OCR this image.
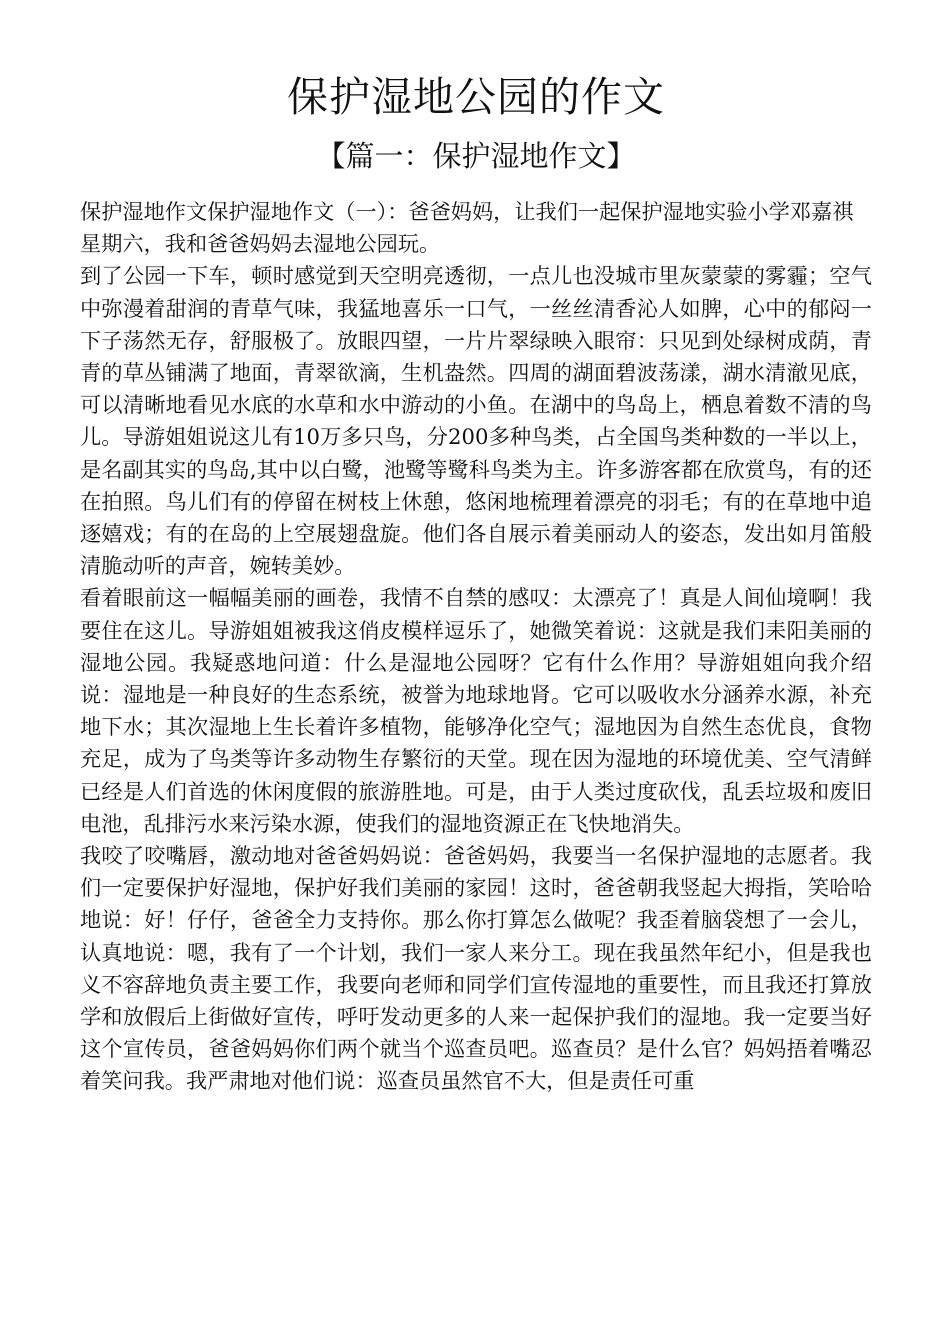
保护湿地公园的作文
【篇一：保护湿地作文】

保护湿地作文保护湿地作文（一）：爸爸妈妈，让我们一起保护湿地实验小学邓嘉祺

星期六，我和爸爸妈妈去湿地公园玩。

到了公园一下车，顿时感觉到天空明亮透彻，一点儿也没城市里灰蒙蒙的雾霾；空气中弥漫着甜润的青草气味，我猛地喜乐一口气，一丝丝清香沁人如脾，心中的郁闷一下子荡然无存，舒服极了。放眼四望，一片片翠绿映入眼帘：只见到处绿树成荫，青青的草丛铺满了地面，青翠欲滴，生机盎然。四周的湖面碧波荡漾，湖水清澈见底，可以清晰地看见水底的水草和水中游动的小鱼。在湖中的鸟岛上，栖息着数不清的鸟儿。导游姐姐说这儿有10万多只鸟，分200多种鸟类，占全国鸟类种数的一半以上，是名副其实的鸟岛,其中以白鹭，池鹭等鹭科鸟类为主。许多游客都在欣赏鸟，有的还在拍照。鸟儿们有的停留在树枝上休憩，悠闲地梳理着漂亮的羽毛；有的在草地中追逐嬉戏；有的在岛的上空展翅盘旋。他们各自展示着美丽动人的姿态，发出如月笛般清脆动听的声音，婉转美妙。

看着眼前这一幅幅美丽的画卷，我情不自禁的感叹：太漂亮了！真是人间仙境啊！我要住在这儿。导游姐姐被我这俏皮模样逗乐了，她微笑着说：这就是我们耒阳美丽的湿地公园。我疑惑地问道：什么是湿地公园呀？它有什么作用？导游姐姐向我介绍说：湿地是一种良好的生态系统，被誉为地球地肾。它可以吸收水分涵养水源，补充地下水；其次湿地上生长着许多植物，能够净化空气；湿地因为自然生态优良，食物充足，成为了鸟类等许多动物生存繁衍的天堂。现在因为湿地的环境优美、空气清鲜已经是人们首选的休闲度假的旅游胜地。可是，由于人类过度砍伐，乱丢垃圾和废旧电池，乱排污水来污染水源，使我们的湿地资源正在飞快地消失。

我咬了咬嘴唇，激动地对爸爸妈妈说：爸爸妈妈，我要当一名保护湿地的志愿者。我们一定要保护好湿地，保护好我们美丽的家园！这时，爸爸朝我竖起大拇指，笑哈哈地说：好！仔仔，爸爸全力支持你。那么你打算怎么做呢？我歪着脑袋想了一会儿，认真地说：嗯，我有了一个计划，我们一家人来分工。现在我虽然年纪小，但是我也义不容辞地负责主要工作，我要向老师和同学们宣传湿地的重要性，而且我还打算放学和放假后上街做好宣传，呼吁发动更多的人来一起保护我们的湿地。我一定要当好这个宣传员，爸爸妈妈你们两个就当个巡查员吧。巡查员？是什么官？妈妈捂着嘴忍着笑问我。我严肃地对他们说：巡查员虽然官不大，但是责任可重
